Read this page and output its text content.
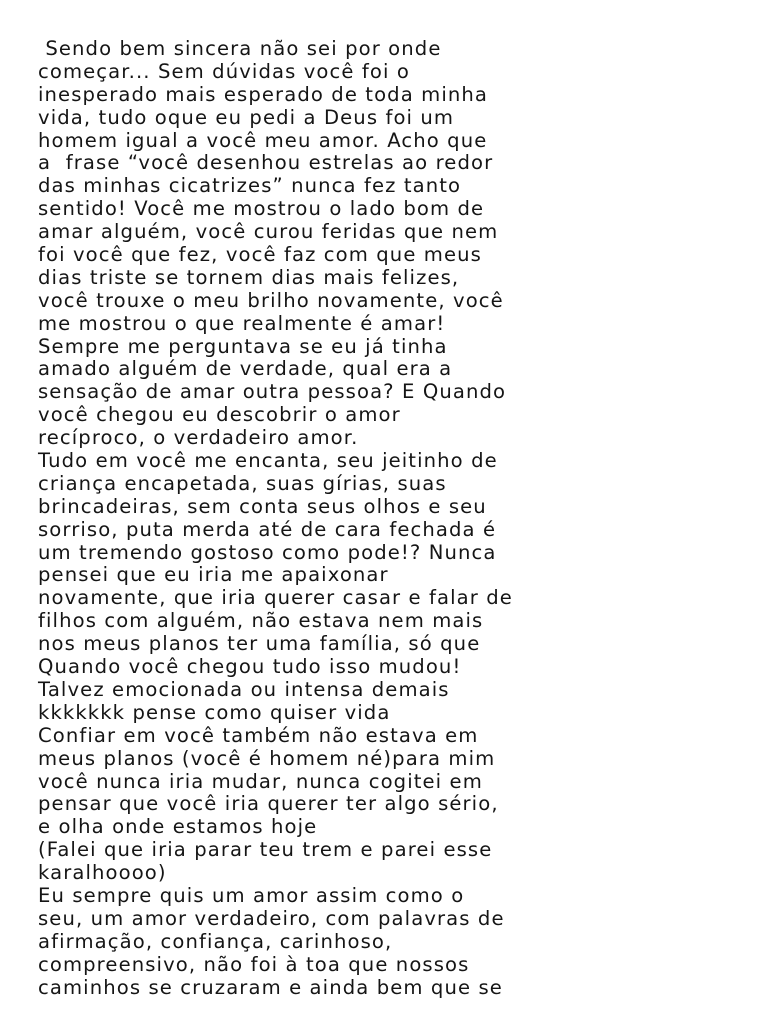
Sendo bem sincera não sei por onde
começar... Sem dúvidas você foi o
inesperado mais esperado de toda minha
vida, tudo oque eu pedi a Deus foi um
homem igual a você meu amor. Acho que
a  frase “você desenhou estrelas ao redor
das minhas cicatrizes” nunca fez tanto
sentido! Você me mostrou o lado bom de
amar alguém, você curou feridas que nem
foi você que fez, você faz com que meus
dias triste se tornem dias mais felizes,
você trouxe o meu brilho novamente, você
me mostrou o que realmente é amar!
Sempre me perguntava se eu já tinha
amado alguém de verdade, qual era a
sensação de amar outra pessoa? E Quando
você chegou eu descobrir o amor
recíproco, o verdadeiro amor.
Tudo em você me encanta, seu jeitinho de
criança encapetada, suas gírias, suas
brincadeiras, sem conta seus olhos e seu
sorriso, puta merda até de cara fechada é
um tremendo gostoso como pode!? Nunca
pensei que eu iria me apaixonar
novamente, que iria querer casar e falar de
filhos com alguém, não estava nem mais
nos meus planos ter uma família, só que
Quando você chegou tudo isso mudou!
Talvez emocionada ou intensa demais
kkkkkkk pense como quiser vida
Confiar em você também não estava em
meus planos (você é homem né)para mim
você nunca iria mudar, nunca cogitei em
pensar que você iria querer ter algo sério,
e olha onde estamos hoje
(Falei que iria parar teu trem e parei esse
karalhoooo)
Eu sempre quis um amor assim como o
seu, um amor verdadeiro, com palavras de
afirmação, confiança, carinhoso,
compreensivo, não foi à toa que nossos
caminhos se cruzaram e ainda bem que se
